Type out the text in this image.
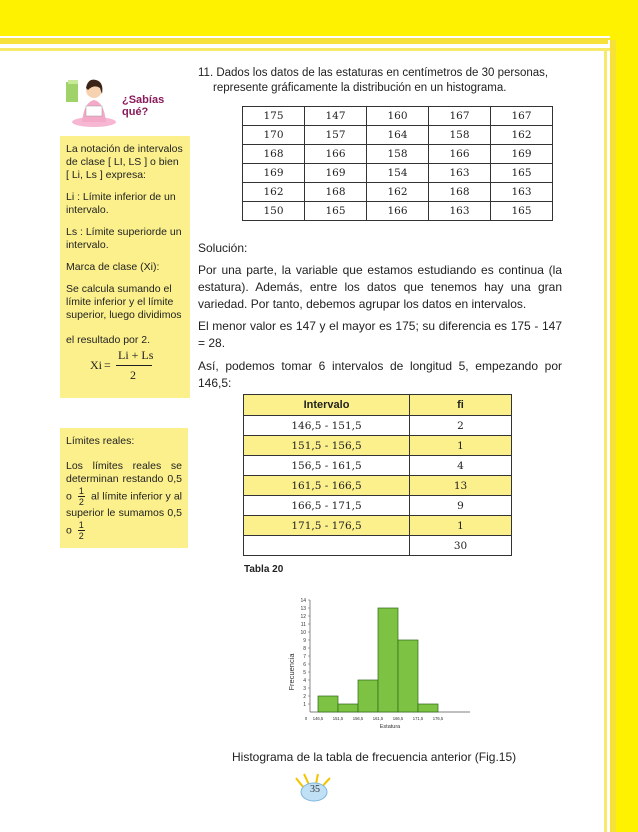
¿Sabías qué?

La notación de intervalos de clase [ LI, LS ] o bien [ Li, Ls ] expresa:

Li : Límite inferior de un intervalo.

Ls : Límite superiorde un intervalo.

Marca de clase (Xi):

Se calcula sumando el límite inferior y el límite superior, luego dividimos

el resultado por 2.

Xi =
Li + Ls
2

Límites reales:

Los límites reales se determinan restando 0,5 o $\frac{1}{2}$ al límite inferior y al superior le sumamos 0,5 o $\frac{1}{2}$
11. Dados los datos de las estaturas en centímetros de 30 personas,
represente gráficamente la distribución en un histograma.
175	147	160	167	167
170	157	164	158	162
168	166	158	166	169
169	169	154	163	165
162	168	162	168	163
150	165	166	163	165
Solución:
Por una parte, la variable que estamos estudiando es continua (la estatura). Además, entre los datos que tenemos hay una gran variedad. Por tanto, debemos agrupar los datos en intervalos.
El menor valor es 147 y el mayor es 175; su diferencia es 175 - 147 = 28.
Así, podemos tomar 6 intervalos de longitud 5, empezando por 146,5:
Intervalo	fi
146,5 - 151,5	2
151,5 - 156,5	1
156,5 - 161,5	4
161,5 - 166,5	13
166,5 - 171,5	9
171,5 - 176,5	1
	30
Tabla 20
1
2
3
4
5
6
7
8
9
10
11
12
13
14
0 146,5 151,5 156,5 161,5 166,5 171,5 176,5
Estatura
Frecuencia
Histograma de la tabla de frecuencia anterior (Fig.15)
35
